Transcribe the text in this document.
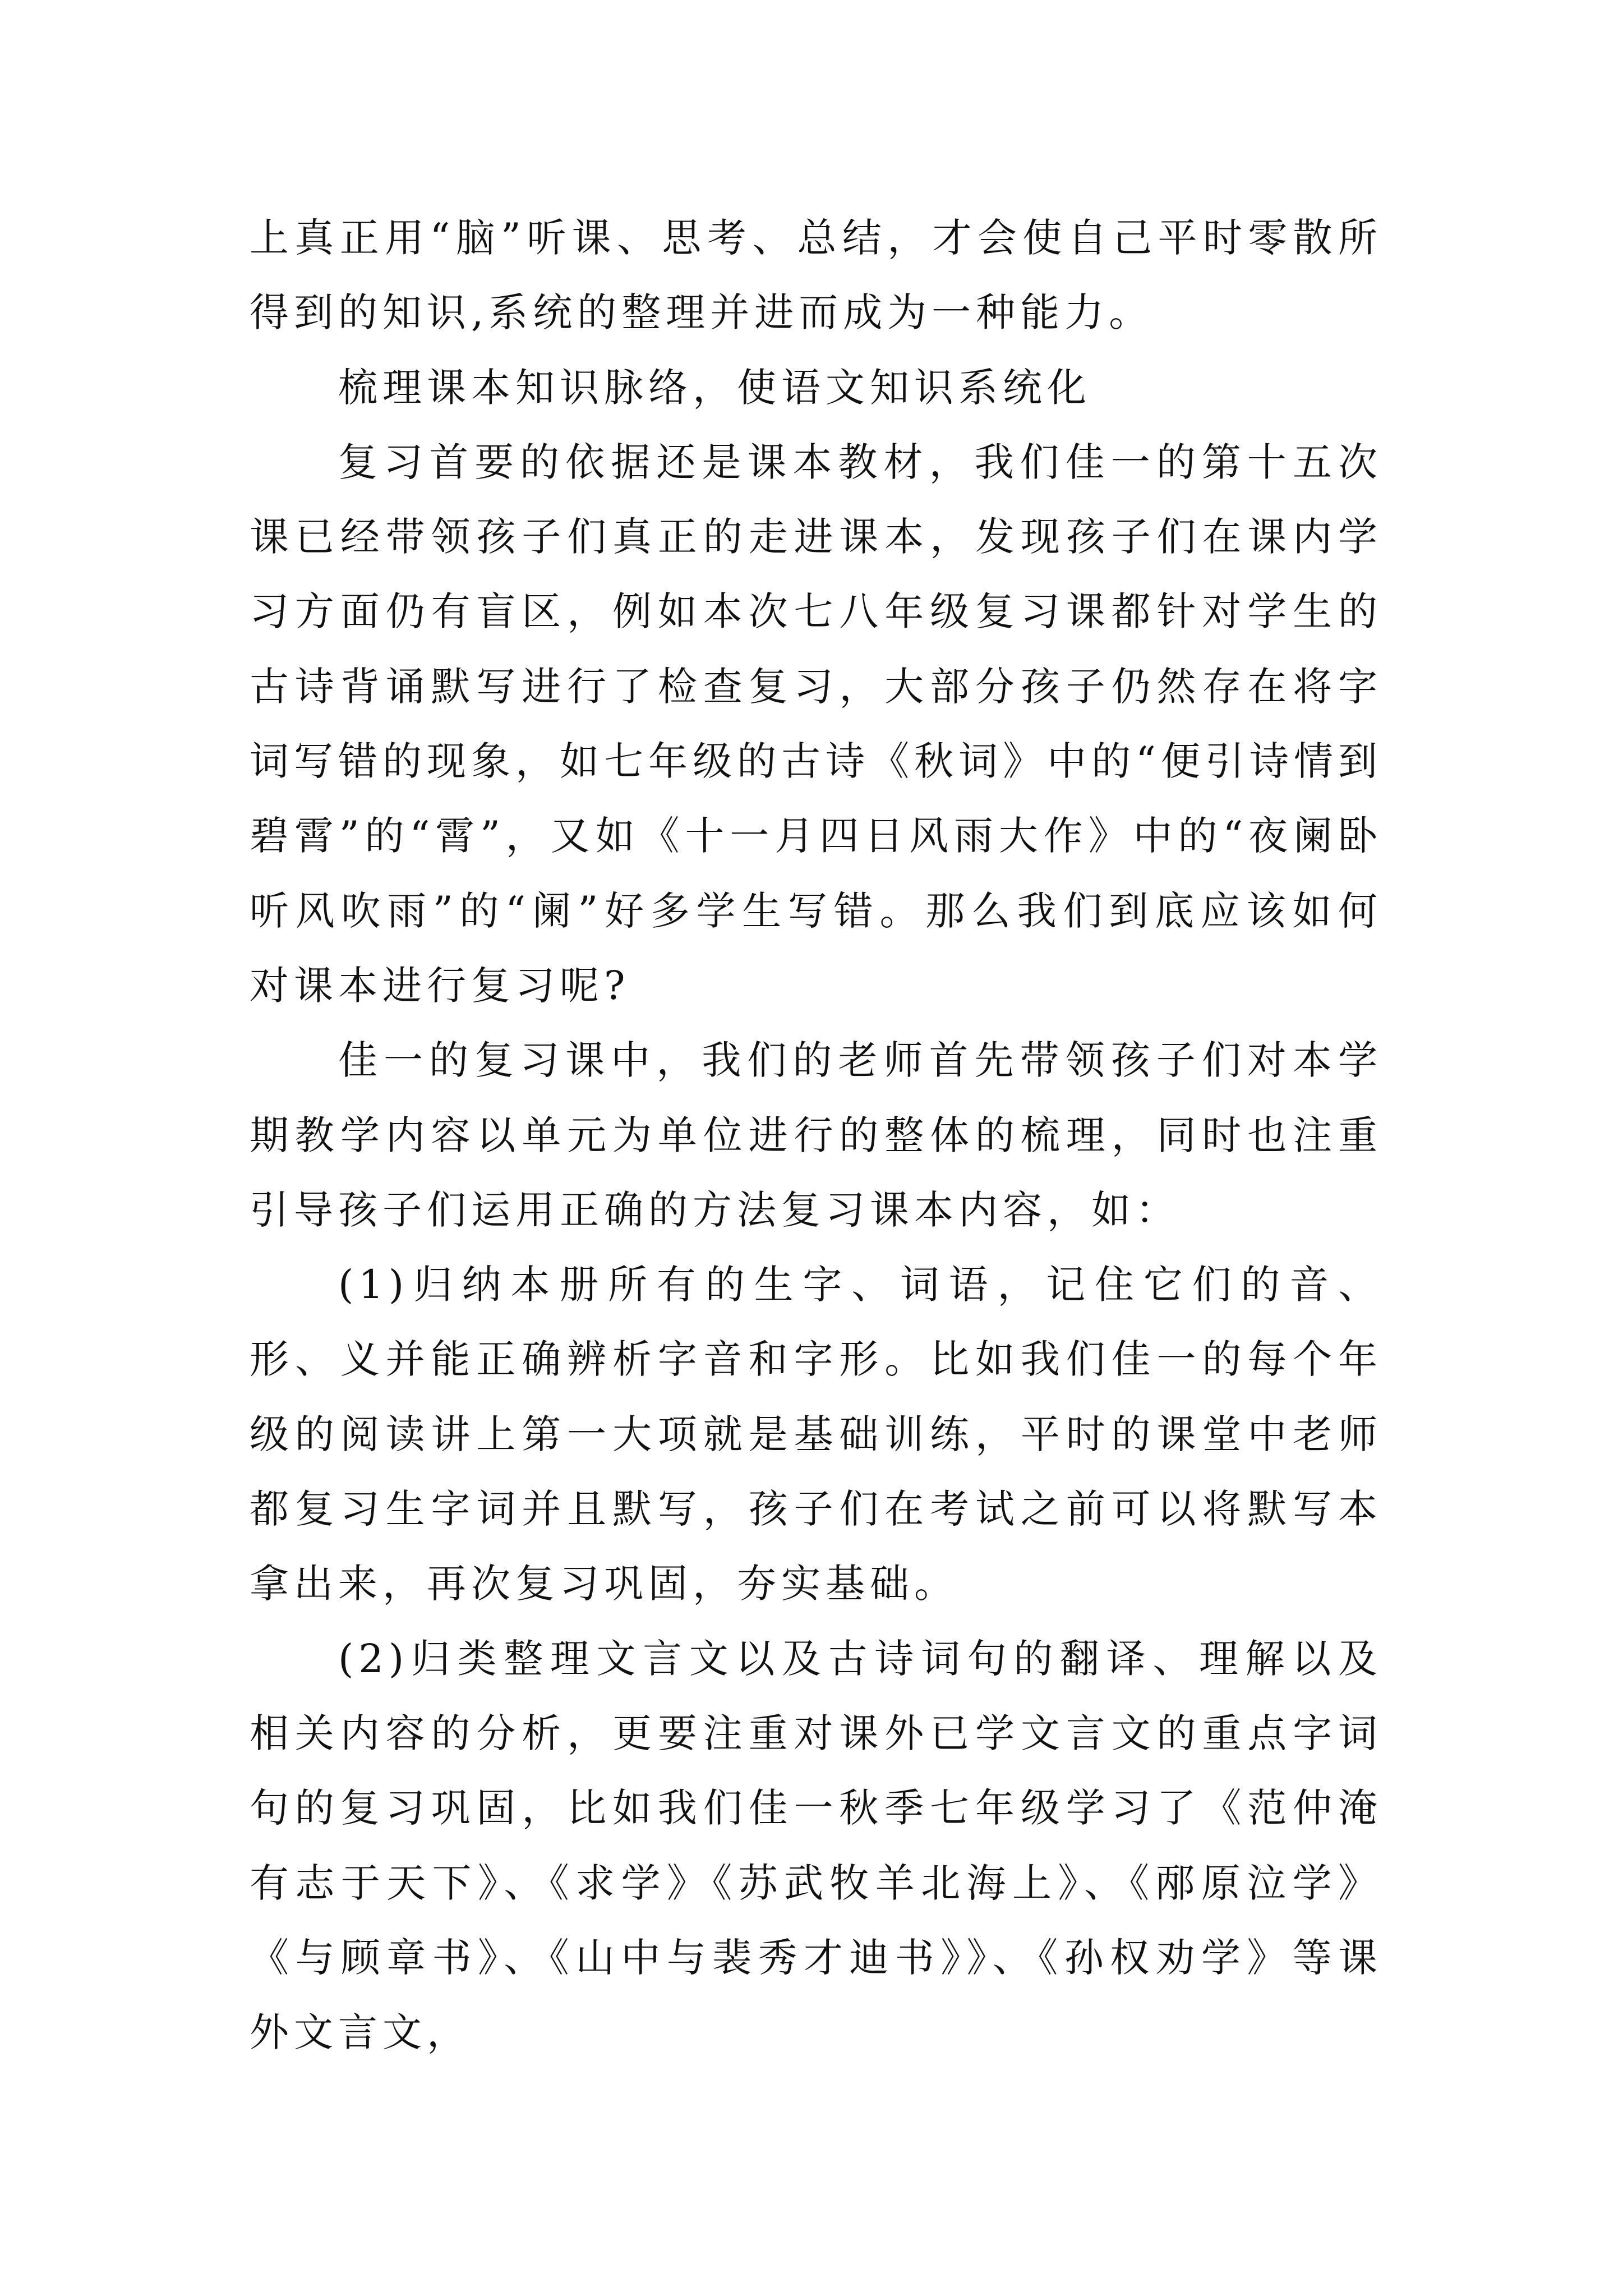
上真正用“脑”听课、思考、总结，才会使自己平时零散所得到的知识,系统的整理并进而成为一种能力。

梳理课本知识脉络，使语文知识系统化

复习首要的依据还是课本教材，我们佳一的第十五次课已经带领孩子们真正的走进课本，发现孩子们在课内学习方面仍有盲区，例如本次七八年级复习课都针对学生的古诗背诵默写进行了检查复习，大部分孩子仍然存在将字词写错的现象，如七年级的古诗《秋词》中的“便引诗情到碧霄”的“霄”，又如《十一月四日风雨大作》中的“夜阑卧听风吹雨”的“阑”好多学生写错。那么我们到底应该如何对课本进行复习呢?

佳一的复习课中，我们的老师首先带领孩子们对本学期教学内容以单元为单位进行的整体的梳理，同时也注重引导孩子们运用正确的方法复习课本内容，如：

(1)归纳本册所有的生字、词语，记住它们的音、形、义并能正确辨析字音和字形。比如我们佳一的每个年级的阅读讲上第一大项就是基础训练，平时的课堂中老师都复习生字词并且默写，孩子们在考试之前可以将默写本拿出来，再次复习巩固，夯实基础。

(2)归类整理文言文以及古诗词句的翻译、理解以及相关内容的分析，更要注重对课外已学文言文的重点字词句的复习巩固，比如我们佳一秋季七年级学习了《范仲淹有志于天下》、《求学》《苏武牧羊北海上》、《邴原泣学》《与顾章书》、《山中与裴秀才迪书》》、《孙权劝学》等课外文言文，
